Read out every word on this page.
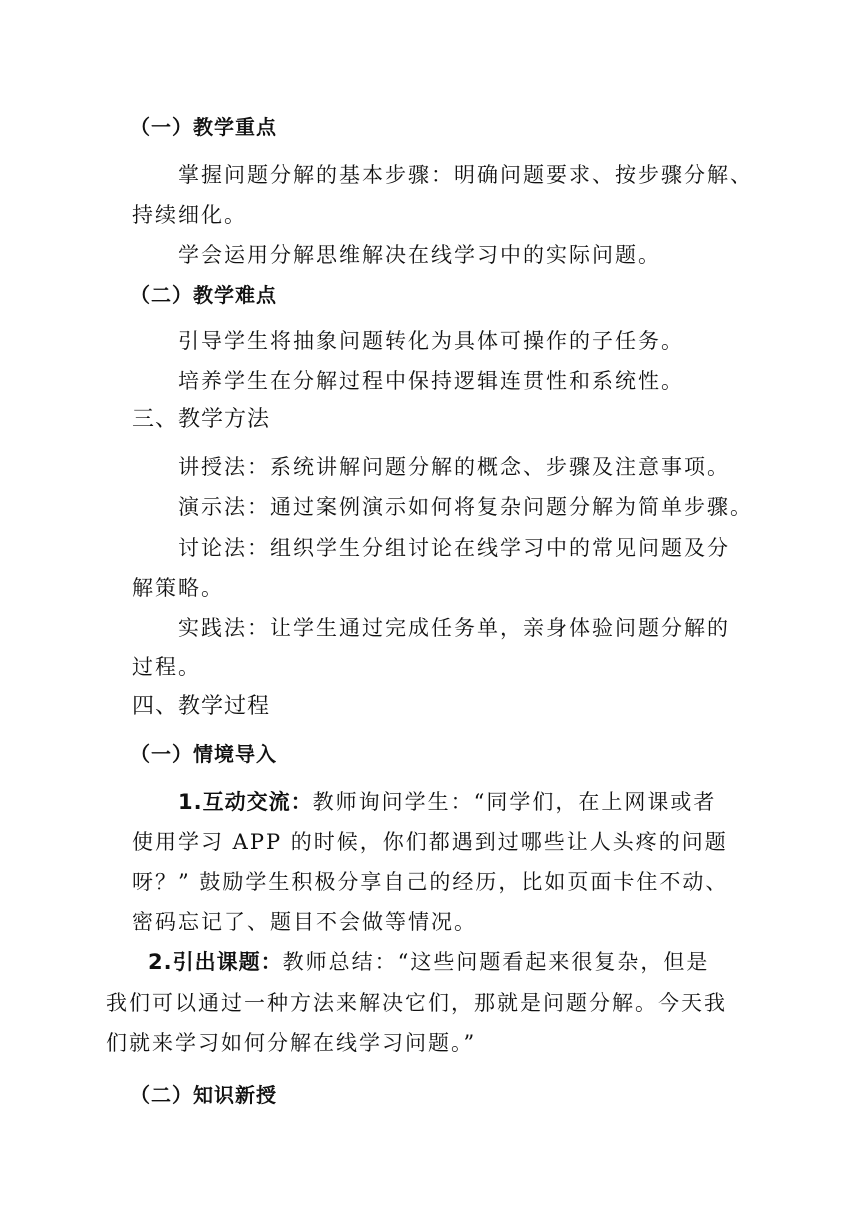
（一）教学重点
掌握问题分解的基本步骤：明确问题要求、按步骤分解、
持续细化。
学会运用分解思维解决在线学习中的实际问题。
（二）教学难点
引导学生将抽象问题转化为具体可操作的子任务。
培养学生在分解过程中保持逻辑连贯性和系统性。
三、教学方法
讲授法：系统讲解问题分解的概念、步骤及注意事项。
演示法：通过案例演示如何将复杂问题分解为简单步骤。
讨论法：组织学生分组讨论在线学习中的常见问题及分
解策略。
实践法：让学生通过完成任务单，亲身体验问题分解的
过程。
四、教学过程
（一）情境导入
1.互动交流：教师询问学生：“同学们，在上网课或者
使用学习 APP 的时候，你们都遇到过哪些让人头疼的问题
呀？” 鼓励学生积极分享自己的经历，比如页面卡住不动、
密码忘记了、题目不会做等情况。
2.引出课题：教师总结：“这些问题看起来很复杂，但是
我们可以通过一种方法来解决它们，那就是问题分解。今天我
们就来学习如何分解在线学习问题。”
（二）知识新授
